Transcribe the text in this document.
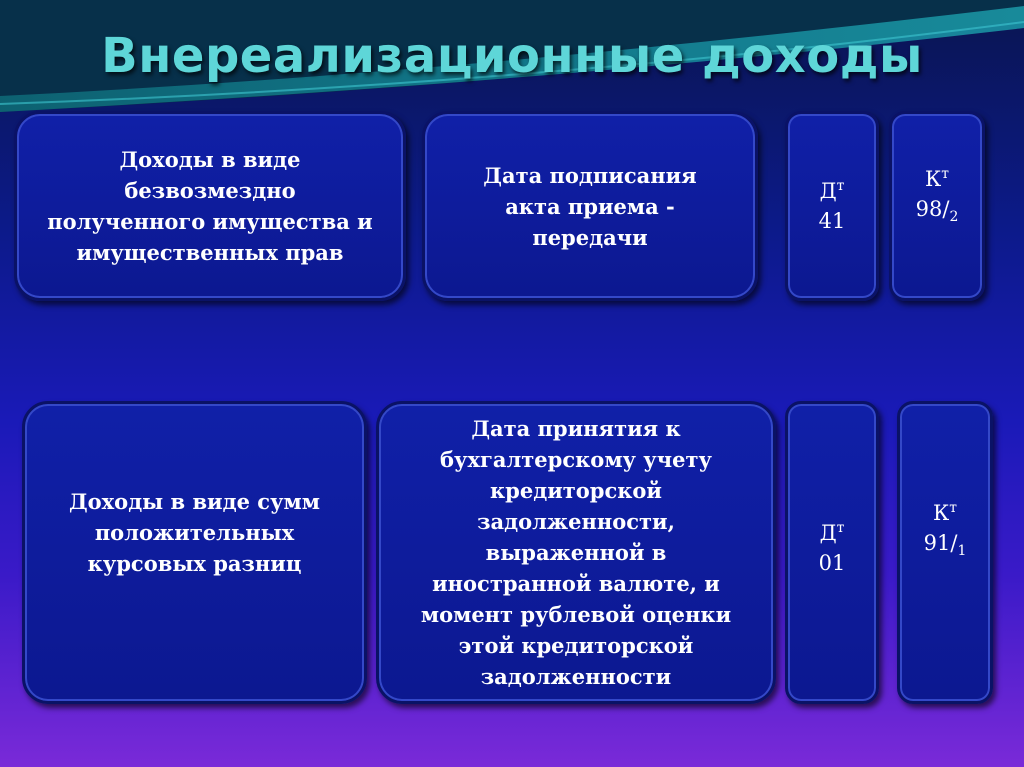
Внереализационные доходы
Доходы в виде безвозмездно полученного имущества и имущественных прав
Дата подписания акта приема - передачи
$Д^т$
41
$К^т$
$98/_2$
Доходы в виде сумм положительных курсовых разниц
Дата принятия к бухгалтерскому учету кредиторской задолженности, выраженной в иностранной валюте, и момент рублевой оценки этой кредиторской задолженности
$Д^т$
01
$К^т$
$91/_1$
